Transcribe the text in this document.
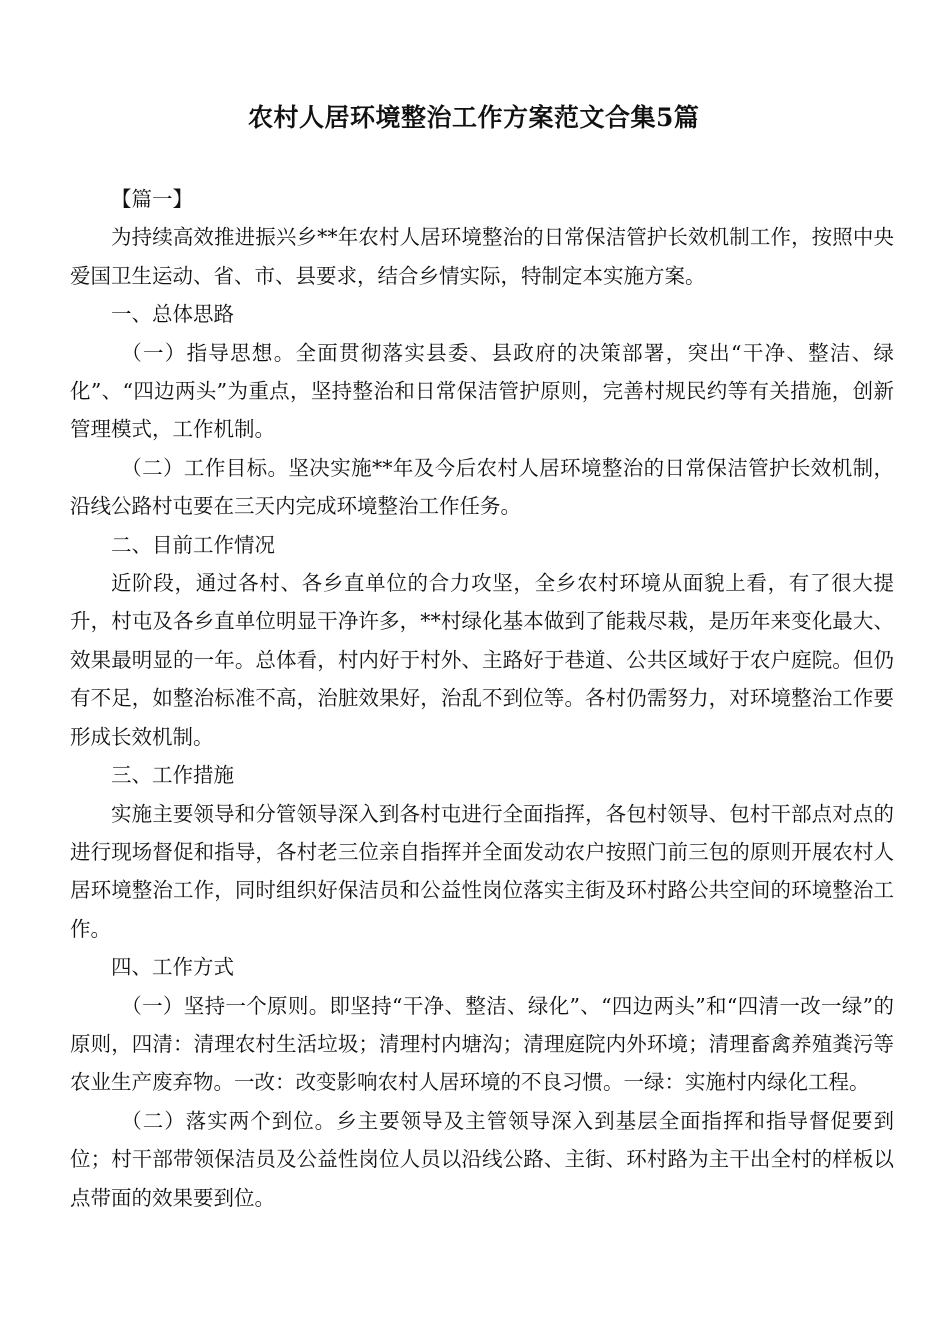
农村人居环境整治工作方案范文合集5篇

【篇一】

为持续高效推进振兴乡**年农村人居环境整治的日常保洁管护长效机制工作，按照中央爱国卫生运动、省、市、县要求，结合乡情实际，特制定本实施方案。

一、总体思路

（一）指导思想。全面贯彻落实县委、县政府的决策部署，突出“干净、整洁、绿化”、“四边两头”为重点，坚持整治和日常保洁管护原则，完善村规民约等有关措施，创新管理模式，工作机制。

（二）工作目标。坚决实施**年及今后农村人居环境整治的日常保洁管护长效机制，沿线公路村屯要在三天内完成环境整治工作任务。

二、目前工作情况

近阶段，通过各村、各乡直单位的合力攻坚，全乡农村环境从面貌上看，有了很大提升，村屯及各乡直单位明显干净许多，**村绿化基本做到了能栽尽栽，是历年来变化最大、效果最明显的一年。总体看，村内好于村外、主路好于巷道、公共区域好于农户庭院。但仍有不足，如整治标准不高，治脏效果好，治乱不到位等。各村仍需努力，对环境整治工作要形成长效机制。

三、工作措施

实施主要领导和分管领导深入到各村屯进行全面指挥，各包村领导、包村干部点对点的进行现场督促和指导，各村老三位亲自指挥并全面发动农户按照门前三包的原则开展农村人居环境整治工作，同时组织好保洁员和公益性岗位落实主街及环村路公共空间的环境整治工作。

四、工作方式

（一）坚持一个原则。即坚持“干净、整洁、绿化”、“四边两头”和“四清一改一绿”的原则，四清：清理农村生活垃圾；清理村内塘沟；清理庭院内外环境；清理畜禽养殖粪污等农业生产废弃物。一改：改变影响农村人居环境的不良习惯。一绿：实施村内绿化工程。

（二）落实两个到位。乡主要领导及主管领导深入到基层全面指挥和指导督促要到位；村干部带领保洁员及公益性岗位人员以沿线公路、主街、环村路为主干出全村的样板以点带面的效果要到位。
